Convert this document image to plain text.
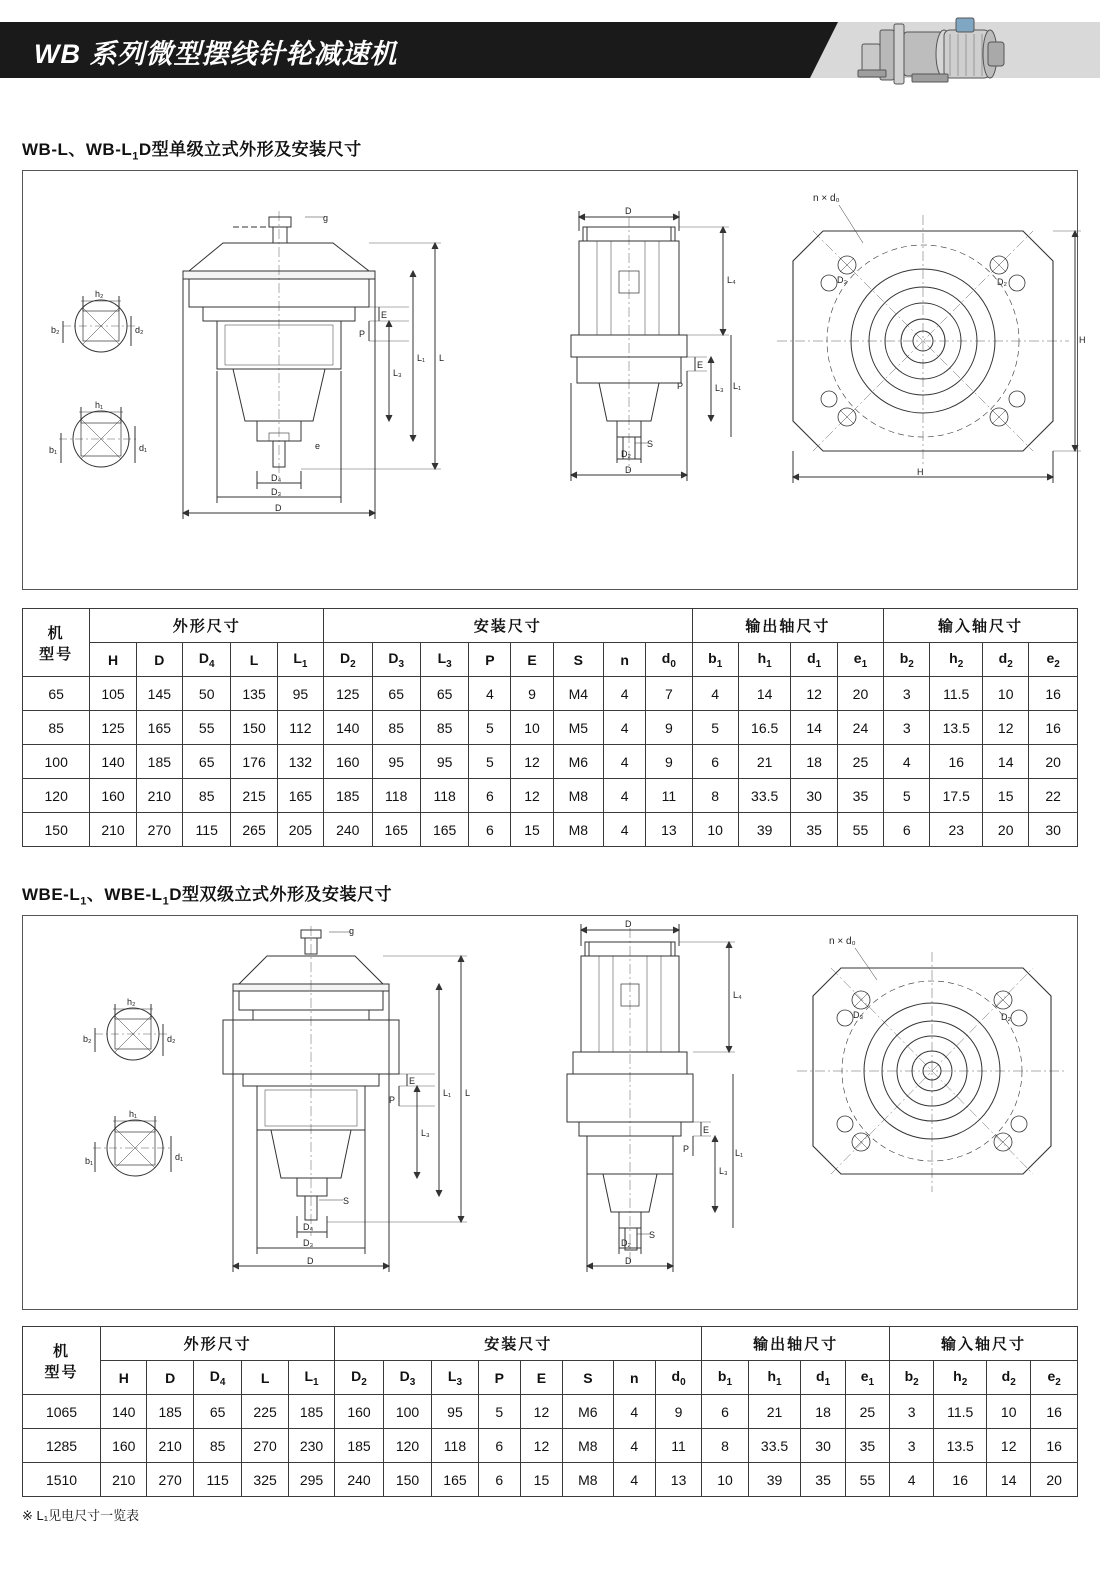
WB 系列微型摆线针轮减速机
WB-L、$WB-L_1D$型单级立式外形及安装尺寸
h₂
b₂	d₂
h₁
b₁	d₁
g
L
L₁
L₃
E
P
e
D₄
D₃
D
D
L₄
L₃ L₁
E
P
S
D₂
D
n × d₀
D₃	D₂
H
H
机
型号	外形尺寸					安装尺寸								输出轴尺寸				输入轴尺寸			
	H	D	$D_4$	L	$L_1$	$D_2$	$D_3$	$L_3$	P	E	S	n	$d_0$	$b_1$	$h_1$	$d_1$	$e_1$	$b_2$	$h_2$	$d_2$	$e_2$
65	105	145	50	135	95	125	65	65	4	9	M4	4	7	4	14	12	20	3	11.5	10	16
85	125	165	55	150	112	140	85	85	5	10	M5	4	9	5	16.5	14	24	3	13.5	12	16
100	140	185	65	176	132	160	95	95	5	12	M6	4	9	6	21	18	25	4	16	14	20
120	160	210	85	215	165	185	118	118	6	12	M8	4	11	8	33.5	30	35	5	17.5	15	22
150	210	270	115	265	205	240	165	165	6	15	M8	4	13	10	39	35	55	6	23	20	30
WBE-$L_1$、WBE-$L_1D$型双级立式外形及安装尺寸
h₂
b₂	d₂
h₁
b₁	d₁
g
L
L₁
L₃
E
P
S
D₄
D₃
D
D
L₄
L₃
L₁
E
P
S
D₂
D
n × d₀
D₃	D₂
机
型号	外形尺寸					安装尺寸								输出轴尺寸				输入轴尺寸			
	H	D	$D_4$	L	$L_1$	$D_2$	$D_3$	$L_3$	P	E	S	n	$d_0$	$b_1$	$h_1$	$d_1$	$e_1$	$b_2$	$h_2$	$d_2$	$e_2$
1065	140	185	65	225	185	160	100	95	5	12	M6	4	9	6	21	18	25	3	11.5	10	16
1285	160	210	85	270	230	185	120	118	6	12	M8	4	11	8	33.5	30	35	3	13.5	12	16
1510	210	270	115	325	295	240	150	165	6	15	M8	4	13	10	39	35	55	4	16	14	20
※ L₁见电尺寸一览表
